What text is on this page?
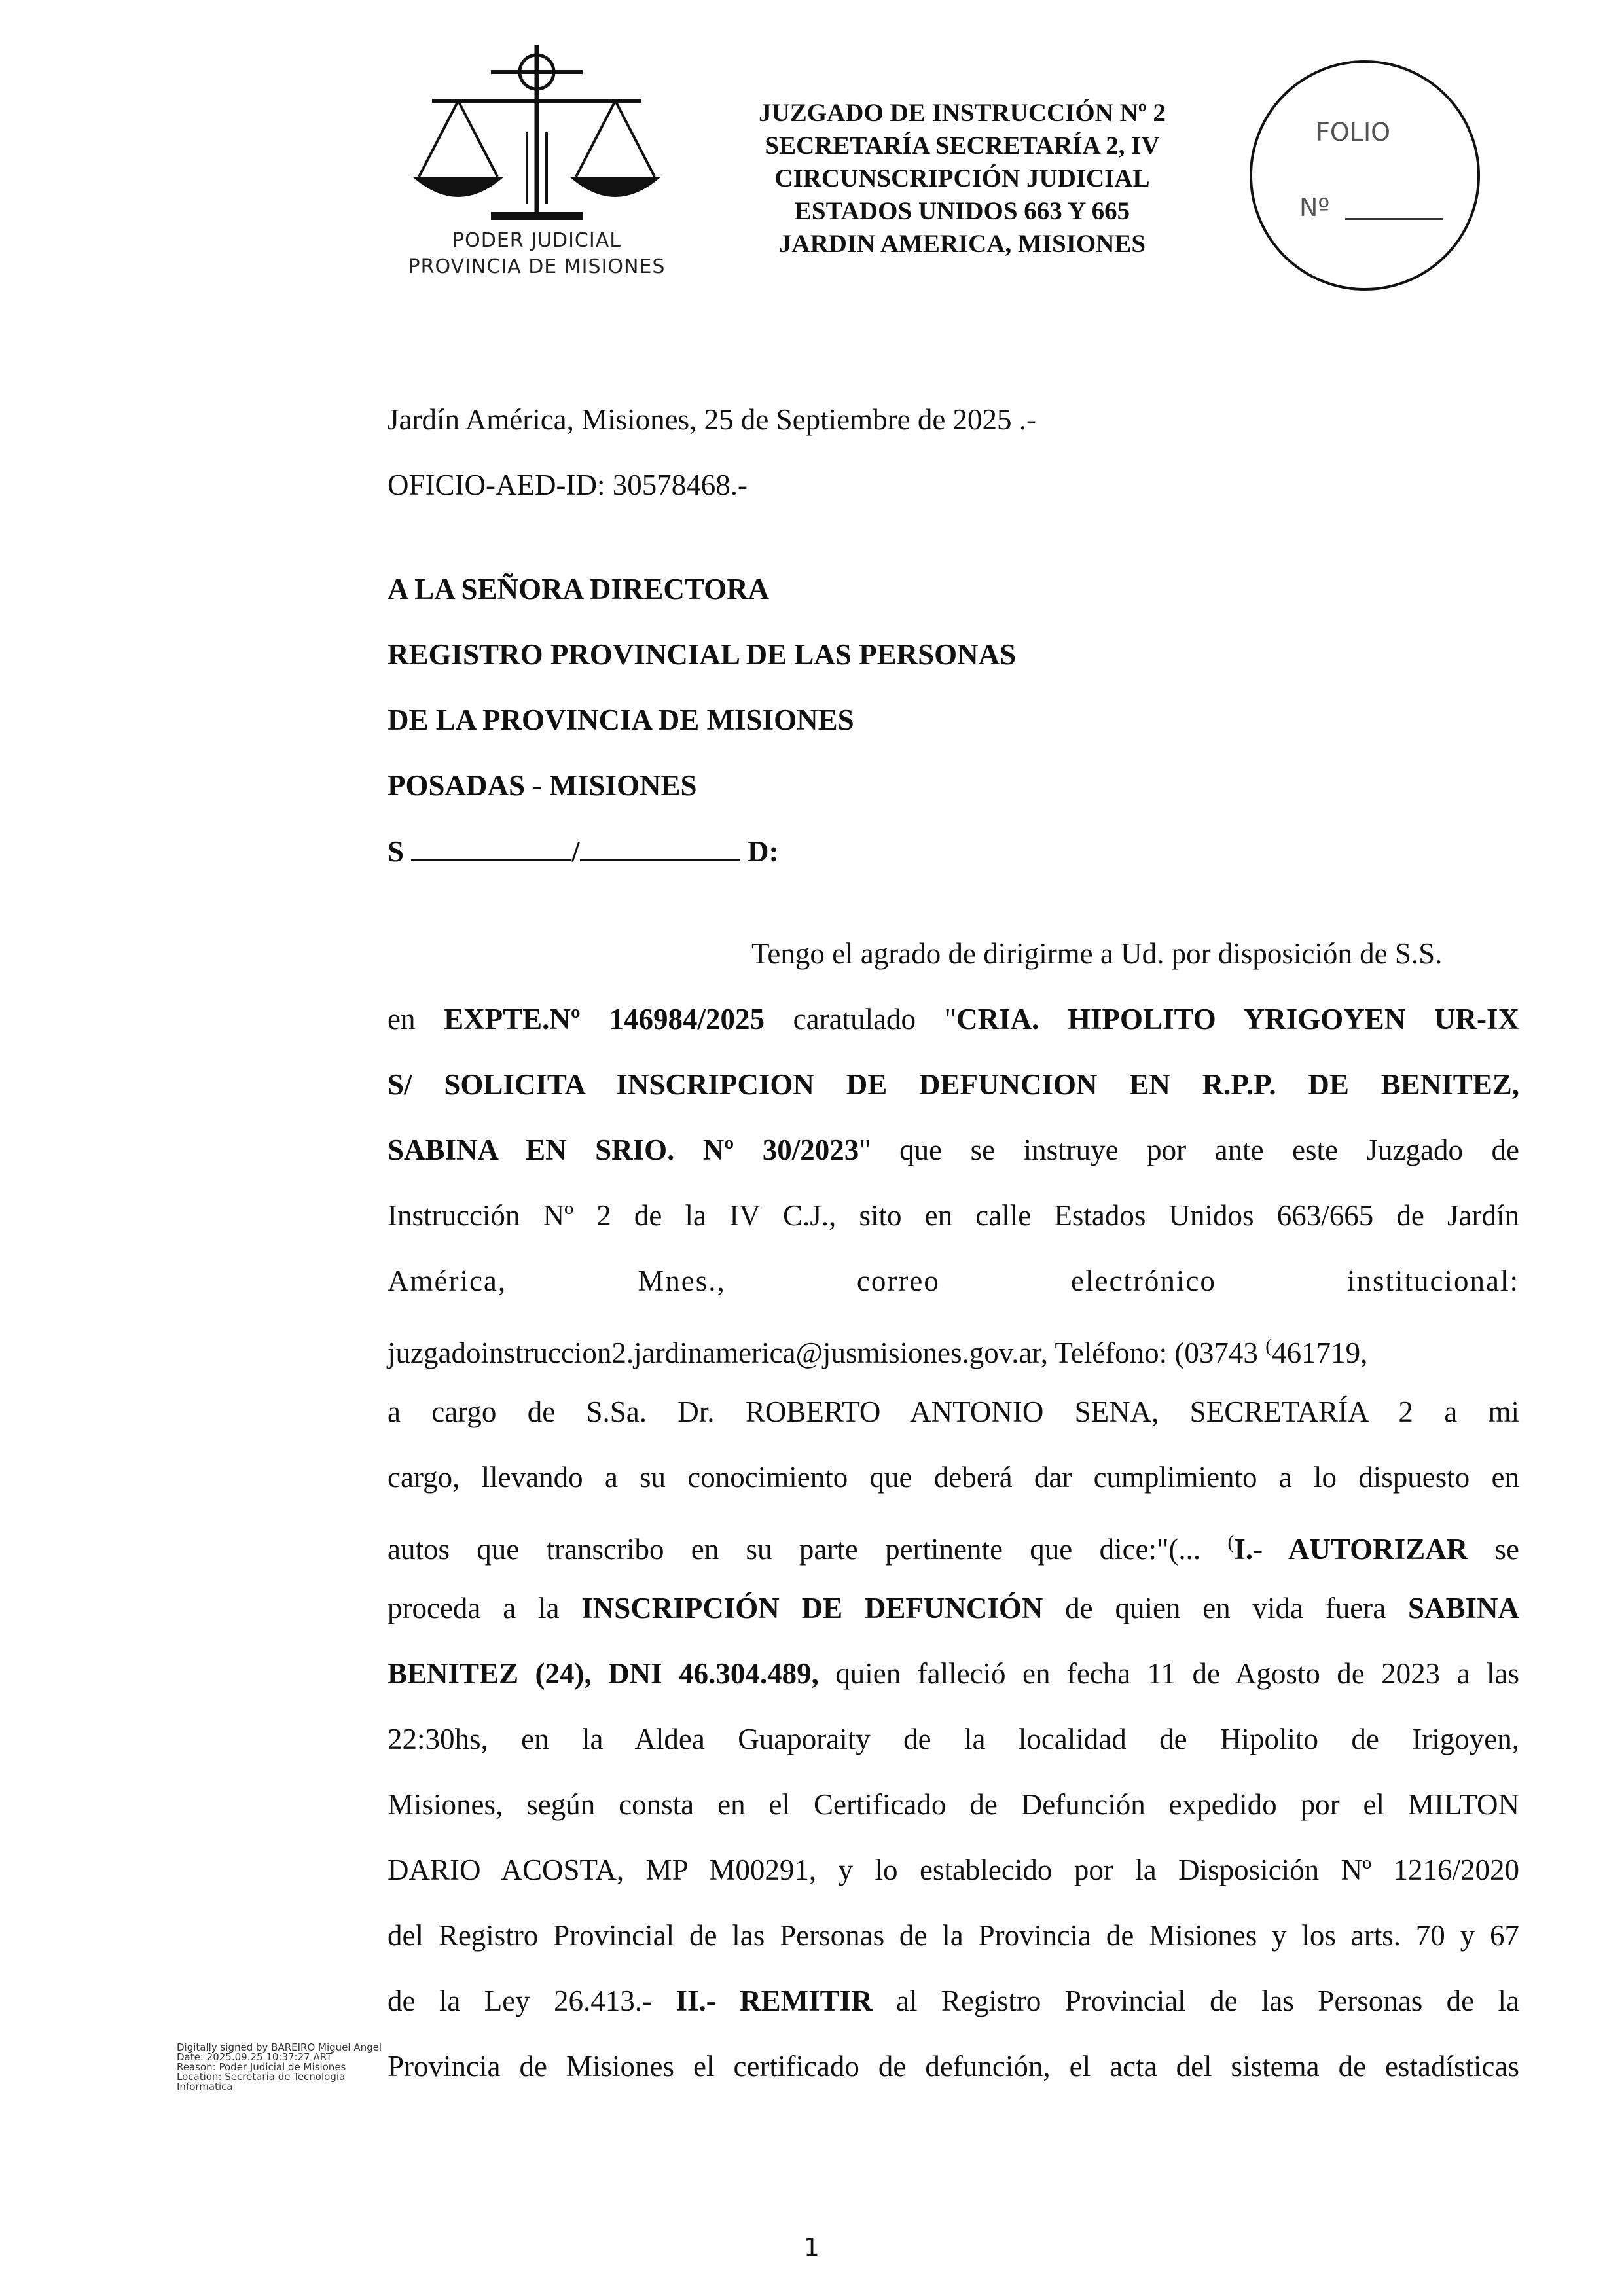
PODER JUDICIAL
PROVINCIA DE MISIONES
JUZGADO DE INSTRUCCIÓN Nº 2
SECRETARÍA SECRETARÍA 2, IV
CIRCUNSCRIPCIÓN JUDICIAL
ESTADOS UNIDOS 663 Y 665
JARDIN AMERICA, MISIONES
FOLIO
Nº
Jardín América, Misiones, 25 de Septiembre de 2025 .-
OFICIO-AED-ID: 30578468.-
A LA SEÑORA DIRECTORA
REGISTRO PROVINCIAL DE LAS PERSONAS
DE LA PROVINCIA DE MISIONES
POSADAS - MISIONES
S	/	D:
Tengo el agrado de dirigirme a Ud. por disposición de S.S.
en EXPTE.Nº 146984/2025 caratulado "CRIA. HIPOLITO YRIGOYEN UR-IX
S/ SOLICITA INSCRIPCION DE DEFUNCION EN R.P.P. DE BENITEZ,
SABINA EN SRIO. Nº 30/2023" que se instruye por ante este Juzgado de
Instrucción Nº 2 de la IV C.J., sito en calle Estados Unidos 663/665 de Jardín
América, Mnes., correo electrónico institucional:
juzgadoinstruccion2.jardinamerica@jusmisiones.gov.ar, Teléfono: (03743 (461719,
a cargo de S.Sa. Dr. ROBERTO ANTONIO SENA, SECRETARÍA 2 a mi
cargo, llevando a su conocimiento que deberá dar cumplimiento a lo dispuesto en
autos que transcribo en su parte pertinente que dice:"(... (I.- AUTORIZAR se
proceda a la INSCRIPCIÓN DE DEFUNCIÓN de quien en vida fuera SABINA
BENITEZ (24), DNI 46.304.489, quien falleció en fecha 11 de Agosto de 2023 a las
22:30hs, en la Aldea Guaporaity de la localidad de Hipolito de Irigoyen,
Misiones, según consta en el Certificado de Defunción expedido por el MILTON
DARIO ACOSTA, MP M00291, y lo establecido por la Disposición Nº 1216/2020
del Registro Provincial de las Personas de la Provincia de Misiones y los arts. 70 y 67
de la Ley 26.413.- II.- REMITIR al Registro Provincial de las Personas de la
Provincia de Misiones el certificado de defunción, el acta del sistema de estadísticas
Digitally signed by BAREIRO Miguel Angel
Date: 2025.09.25 10:37:27 ART
Reason: Poder Judicial de Misiones
Location: Secretaria de Tecnologia
Informatica
1
